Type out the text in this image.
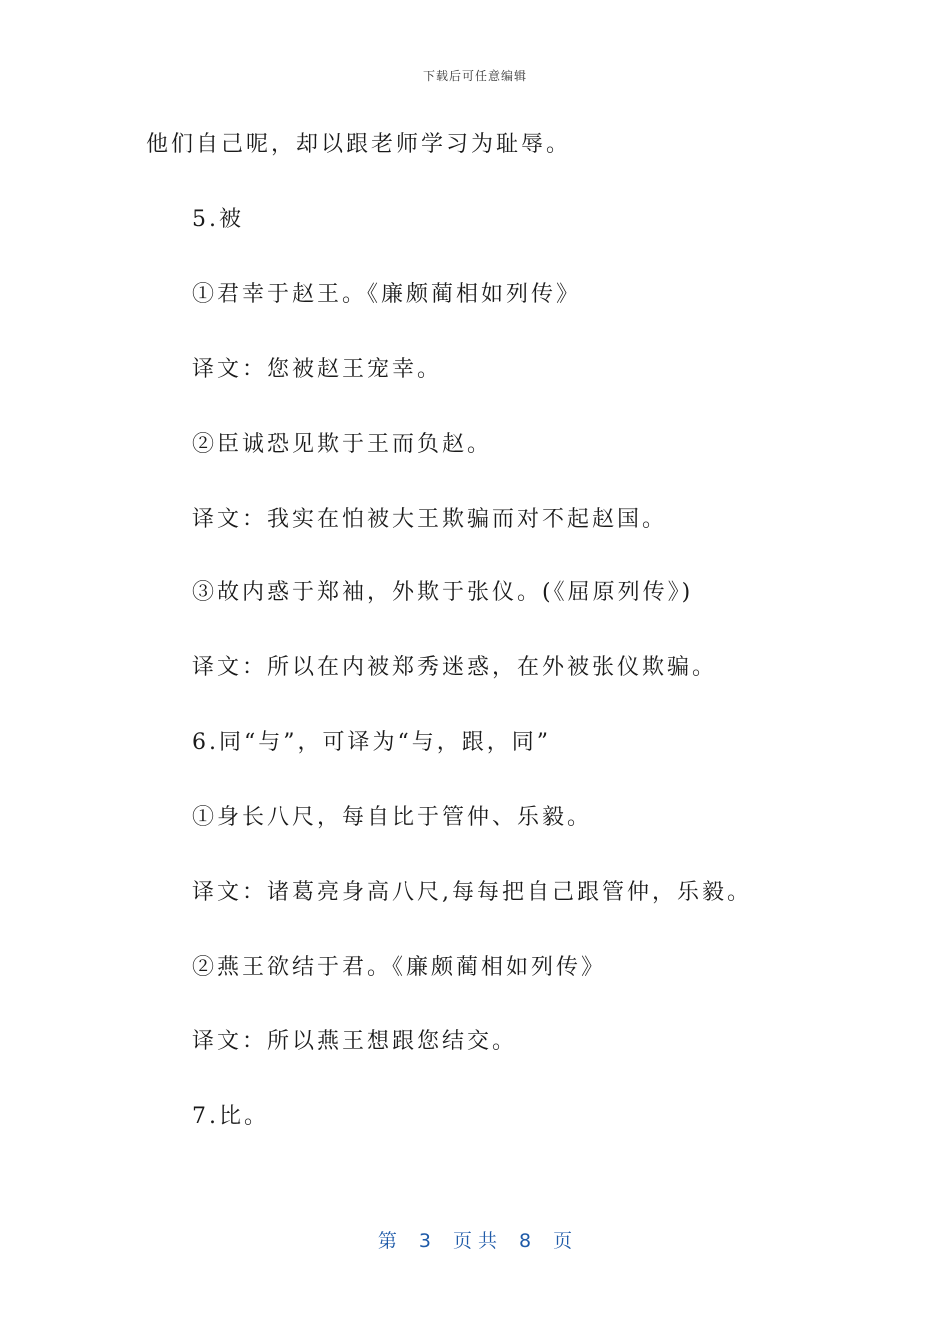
下载后可任意编辑
他们自己呢，却以跟老师学习为耻辱。
5.被
①君幸于赵王。《廉颇蔺相如列传》
译文：您被赵王宠幸。
②臣诚恐见欺于王而负赵。
译文：我实在怕被大王欺骗而对不起赵国。
③故内惑于郑袖，外欺于张仪。(《屈原列传》)
译文：所以在内被郑秀迷惑，在外被张仪欺骗。
6.同“与”，可译为“与，跟，同”
①身长八尺，每自比于管仲、乐毅。
译文：诸葛亮身高八尺,每每把自己跟管仲，乐毅。
②燕王欲结于君。《廉颇蔺相如列传》
译文：所以燕王想跟您结交。
7.比。
第 3 页 共 8 页
